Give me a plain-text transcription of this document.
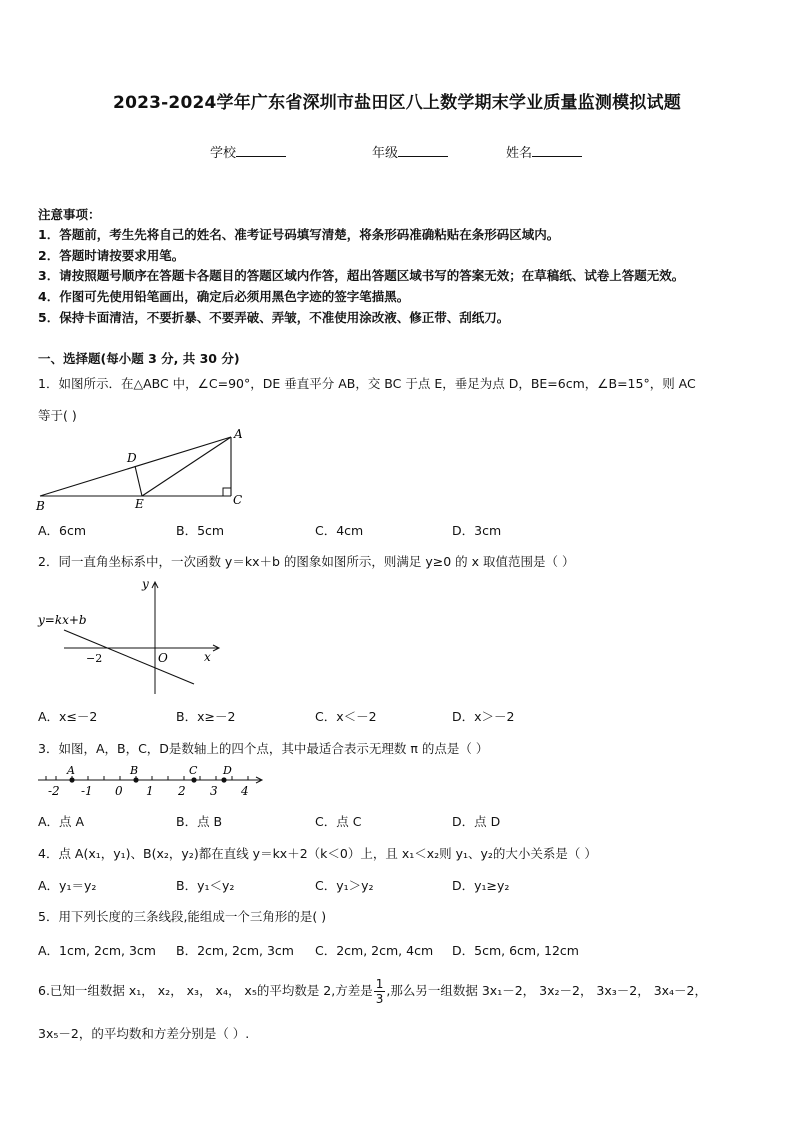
2023-2024学年广东省深圳市盐田区八上数学期末学业质量监测模拟试题
学校	年级	姓名
注意事项：
1．答题前，考生先将自己的姓名、准考证号码填写清楚，将条形码准确粘贴在条形码区域内。
2．答题时请按要求用笔。
3．请按照题号顺序在答题卡各题目的答题区域内作答，超出答题区域书写的答案无效；在草稿纸、试卷上答题无效。
4．作图可先使用铅笔画出，确定后必须用黑色字迹的签字笔描黑。
5．保持卡面清洁，不要折暴、不要弄破、弄皱，不准使用涂改液、修正带、刮纸刀。
一、选择题(每小题 3 分, 共 30 分)
1．如图所示．在△ABC 中，∠C=90°，DE 垂直平分 AB，交 BC 于点 E，垂足为点 D，BE=6cm，∠B=15°，则 AC
等于( )
A
D
B	E	C
A．6cm	B．5cm	C．4cm	D．3cm
2．同一直角坐标系中，一次函数 y＝kx＋b 的图象如图所示，则满足 y≥0 的 x 取值范围是（ ）
y
y=kx+b
−2	O	x
A．x≤－2	B．x≥－2	C．x＜－2	D．x＞－2
3．如图，A，B，C，D是数轴上的四个点，其中最适合表示无理数 π 的点是（ ）
A	B	C D
-2 -1 0 1 2 3 4
A．点 A	B．点 B	C．点 C	D．点 D
4．点 A(x₁，y₁)、B(x₂，y₂)都在直线 y＝kx＋2（k＜0）上，且 x₁＜x₂则 y₁、y₂的大小关系是（ ）
A．y₁＝y₂	B．y₁＜y₂	C．y₁＞y₂	D．y₁≥y₂
5．用下列长度的三条线段,能组成一个三角形的是( )
A．1cm, 2cm, 3cm B．2cm, 2cm, 3cm C．2cm, 2cm, 4cm D．5cm, 6cm, 12cm
6.已知一组数据 x₁， x₂， x₃， x₄， x₅的平均数是 2,方差是 $\frac{1}{3}$ ,那么另一组数据 3x₁－2， 3x₂－2， 3x₃－2， 3x₄－2，
3x₅－2，的平均数和方差分别是（ ）.
